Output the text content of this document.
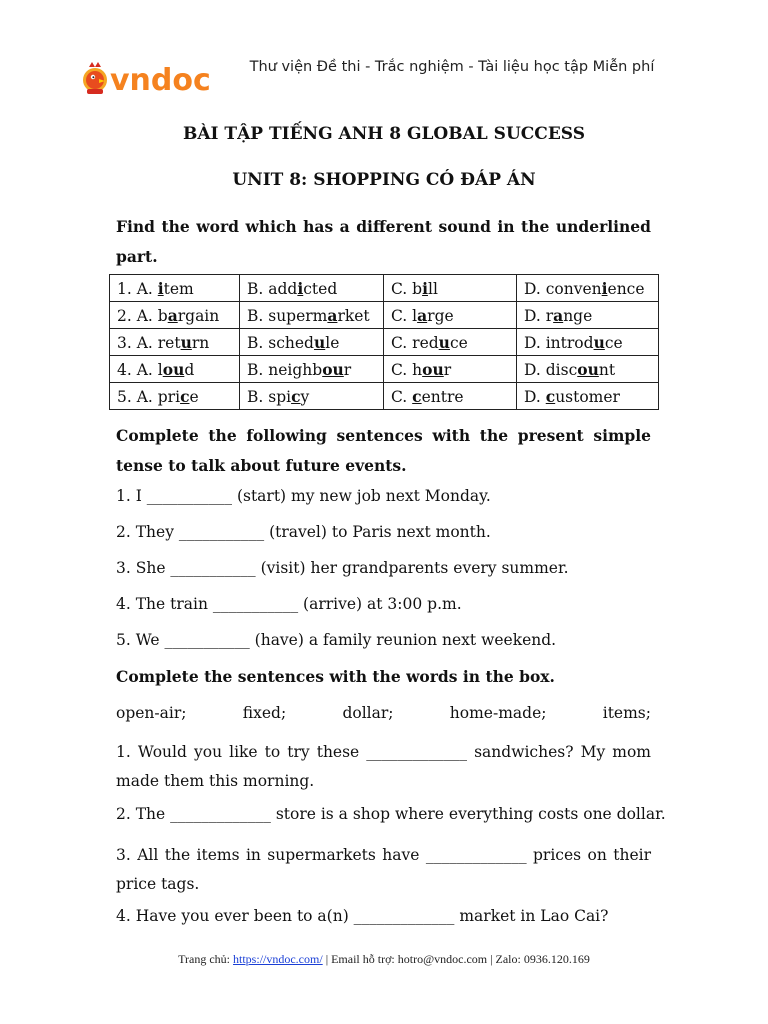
vndoc	Thư viện Đề thi - Trắc nghiệm - Tài liệu học tập Miễn phí
BÀI TẬP TIẾNG ANH 8 GLOBAL SUCCESS
UNIT 8: SHOPPING CÓ ĐÁP ÁN
Find the word which has a different sound in the underlined part.
1. A. item	B. addicted	C. bill	D. convenience
2. A. bargain	B. supermarket	C. large	D. range
3. A. return	B. schedule	C. reduce	D. introduce
4. A. loud	B. neighbour	C. hour	D. discount
5. A. price	B. spicy	C. centre	D. customer
Complete the following sentences with the present simple tense to talk about future events.
1. I ___________ (start) my new job next Monday.
2. They ___________ (travel) to Paris next month.
3. She ___________ (visit) her grandparents every summer.
4. The train ___________ (arrive) at 3:00 p.m.
5. We ___________ (have) a family reunion next weekend.
Complete the sentences with the words in the box.
open-air;	fixed;	dollar;	home-made;	items;
1. Would you like to try these _____________ sandwiches? My mom made them this morning.
2. The _____________ store is a shop where everything costs one dollar.
3. All the items in supermarkets have _____________ prices on their price tags.
4. Have you ever been to a(n) _____________ market in Lao Cai?
Trang chủ: https://vndoc.com/ | Email hỗ trợ: hotro@vndoc.com | Zalo: 0936.120.169
